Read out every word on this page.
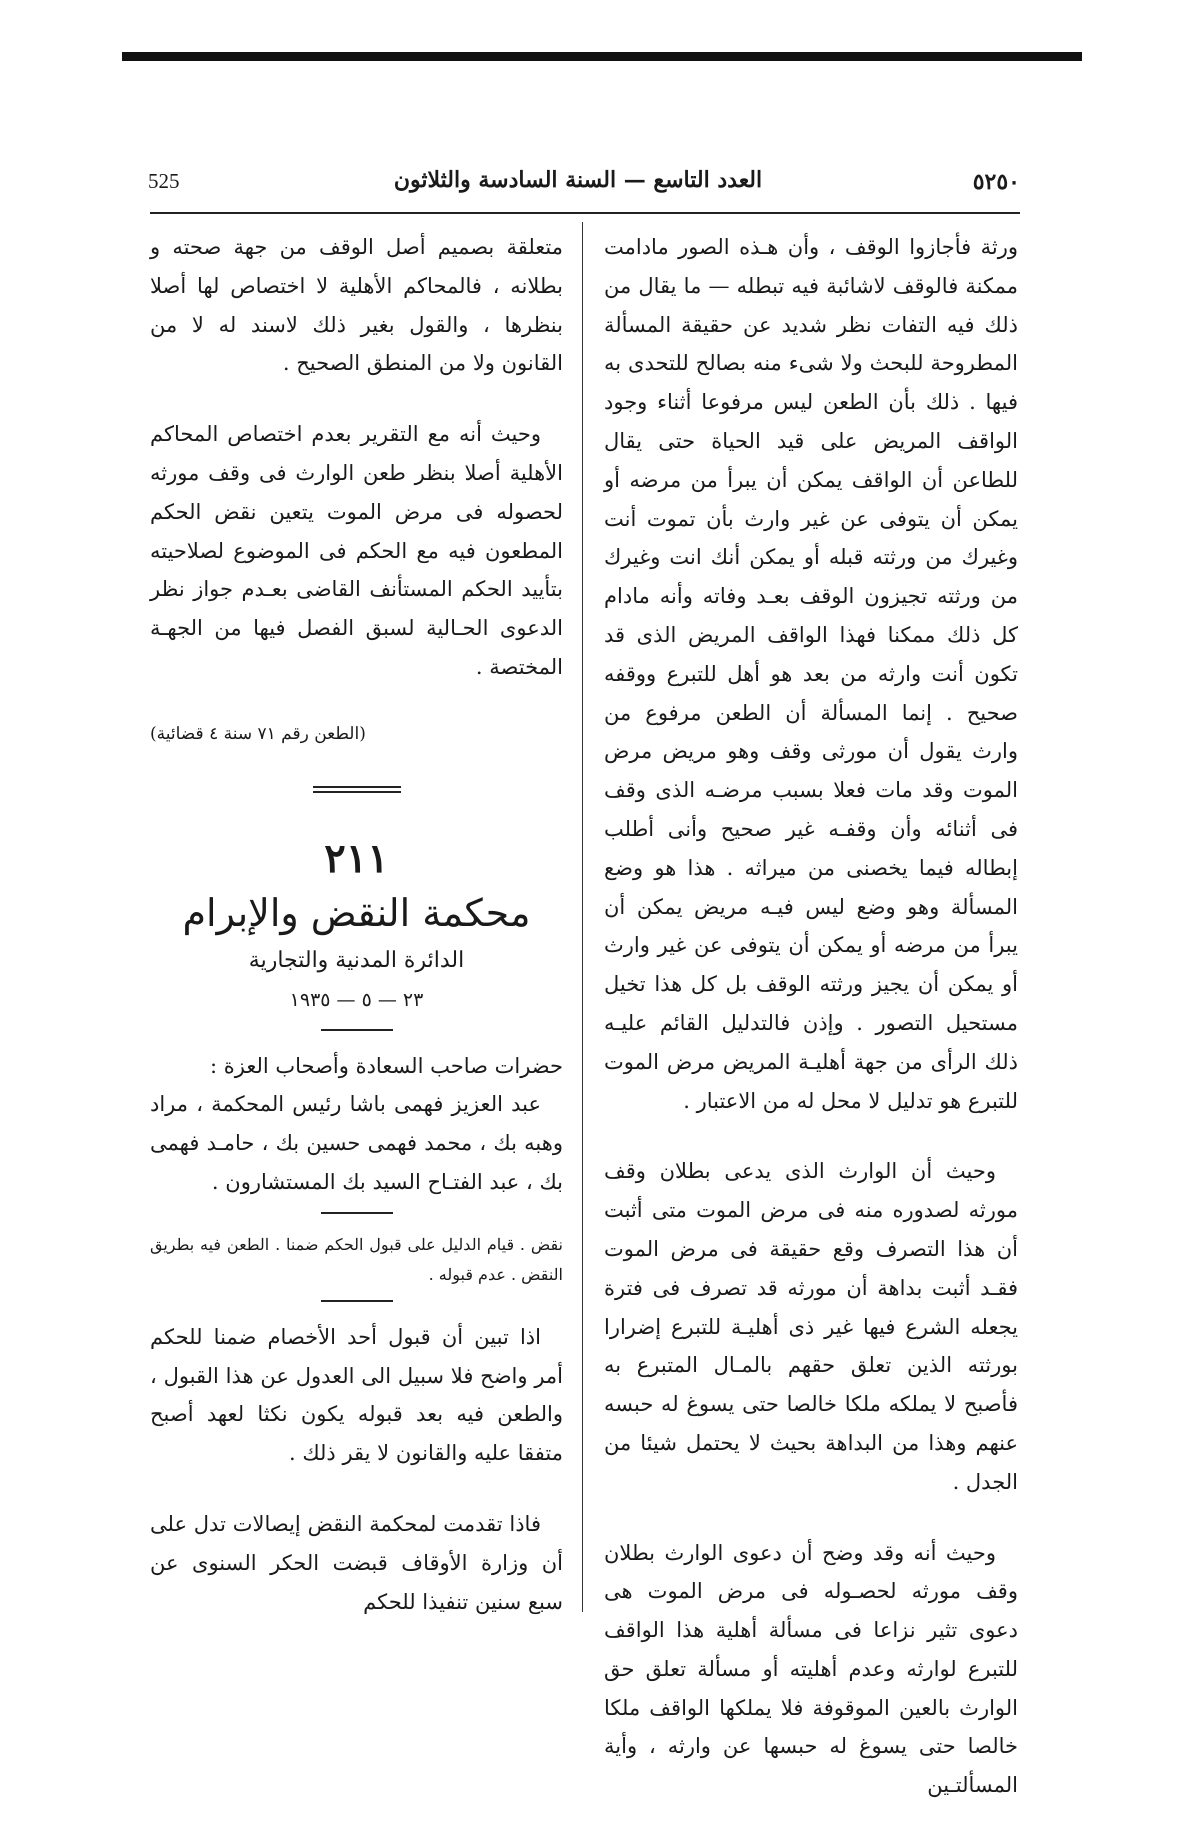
525	العدد التاسع — السنة السادسة والثلاثون	٥٢٥٠

ورثة فأجازوا الوقف ، وأن هـذه الصور مادامت ممكنة فالوقف لاشائبة فيه تبطله — ما يقال من ذلك فيه التفات نظر شديد عن حقيقة المسألة المطروحة للبحث ولا شىء منه بصالح للتحدى به فيها . ذلك بأن الطعن ليس مرفوعا أثناء وجود الواقف المريض على قيد الحياة حتى يقال للطاعن أن الواقف يمكن أن يبرأ من مرضه أو يمكن أن يتوفى عن غير وارث بأن تموت أنت وغيرك من ورثته قبله أو يمكن أنك انت وغيرك من ورثته تجيزون الوقف بعـد وفاته وأنه مادام كل ذلك ممكنا فهذا الواقف المريض الذى قد تكون أنت وارثه من بعد هو أهل للتبرع ووقفه صحيح . إنما المسألة أن الطعن مرفوع من وارث يقول أن مورثى وقف وهو مريض مرض الموت وقد مات فعلا بسبب مرضـه الذى وقف فى أثنائه وأن وقفـه غير صحيح وأنى أطلب إبطاله فيما يخصنى من ميراثه . هذا هو وضع المسألة وهو وضع ليس فيـه مريض يمكن أن يبرأ من مرضه أو يمكن أن يتوفى عن غير وارث أو يمكن أن يجيز ورثته الوقف بل كل هذا تخيل مستحيل التصور . وإذن فالتدليل القائم عليـه ذلك الرأى من جهة أهليـة المريض مرض الموت للتبرع هو تدليل لا محل له من الاعتبار .

وحيث أن الوارث الذى يدعى بطلان وقف مورثه لصدوره منه فى مرض الموت متى أثبت أن هذا التصرف وقع حقيقة فى مرض الموت فقـد أثبت بداهة أن مورثه قد تصرف فى فترة يجعله الشرع فيها غير ذى أهليـة للتبرع إضرارا بورثته الذين تعلق حقهم بالمـال المتبرع به فأصبح لا يملكه ملكا خالصا حتى يسوغ له حبسه عنهم وهذا من البداهة بحيث لا يحتمل شيئا من الجدل .

وحيث أنه وقد وضح أن دعوى الوارث بطلان وقف مورثه لحصـوله فى مرض الموت هى دعوى تثير نزاعا فى مسألة أهلية هذا الواقف للتبرع لوارثه وعدم أهليته أو مسألة تعلق حق الوارث بالعين الموقوفة فلا يملكها الواقف ملكا خالصا حتى يسوغ له حبسها عن وارثه ، وأية المسألتـين

متعلقة بصميم أصل الوقف من جهة صحته و بطلانه ، فالمحاكم الأهلية لا اختصاص لها أصلا بنظرها ، والقول بغير ذلك لاسند له لا من القانون ولا من المنطق الصحيح .

وحيث أنه مع التقرير بعدم اختصاص المحاكم الأهلية أصلا بنظر طعن الوارث فى وقف مورثه لحصوله فى مرض الموت يتعين نقض الحكم المطعون فيه مع الحكم فى الموضوع لصلاحيته بتأييد الحكم المستأنف القاضى بعـدم جواز نظر الدعوى الحـالية لسبق الفصل فيها من الجهـة المختصة .

(الطعن رقم ٧١ سنة ٤ قضائية)

٢١١
محكمة النقض والإبرام
الدائرة المدنية والتجارية
٢٣ — ٥ — ١٩٣٥

حضرات صاحب السعادة وأصحاب العزة :

عبد العزيز فهمى باشا رئيس المحكمة ، مراد وهبه بك ، محمد فهمى حسين بك ، حامـد فهمى بك ، عبد الفتـاح السيد بك المستشارون .

نقض . قيام الدليل على قبول الحكم ضمنا . الطعن فيه بطريق النقض . عدم قبوله .

اذا تبين أن قبول أحد الأخصام ضمنا للحكم أمر واضح فلا سبيل الى العدول عن هذا القبول ، والطعن فيه بعد قبوله يكون نكثا لعهد أصبح متفقا عليه والقانون لا يقر ذلك .

فاذا تقدمت لمحكمة النقض إيصالات تدل على أن وزارة الأوقاف قبضت الحكر السنوى عن سبع سنين تنفيذا للحكم
